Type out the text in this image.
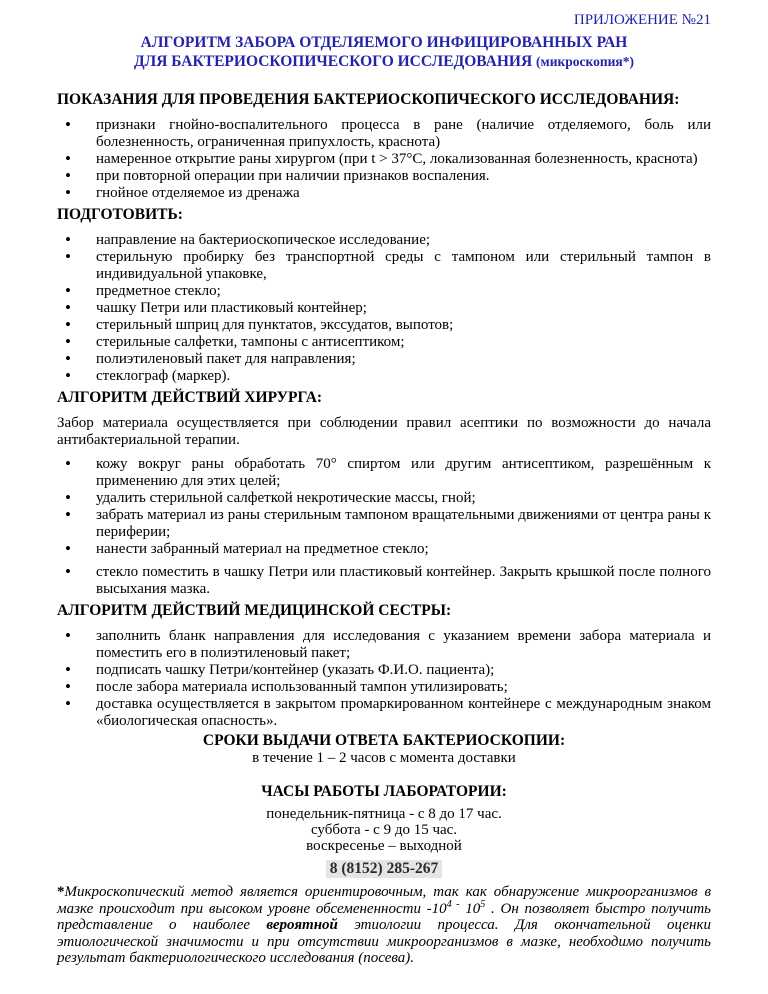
ПРИЛОЖЕНИЕ №21
АЛГОРИТМ ЗАБОРА ОТДЕЛЯЕМОГО ИНФИЦИРОВАННЫХ РАН
ДЛЯ БАКТЕРИОСКОПИЧЕСКОГО ИССЛЕДОВАНИЯ (микроскопия*)
ПОКАЗАНИЯ ДЛЯ ПРОВЕДЕНИЯ БАКТЕРИОСКОПИЧЕСКОГО ИССЛЕДОВАНИЯ:
• признаки гнойно-воспалительного процесса в ране (наличие отделяемого, боль или болезненность, ограниченная припухлость, краснота)
• намеренное открытие раны хирургом (при t > 37°С, локализованная болезненность, краснота)
• при повторной операции при наличии признаков воспаления.
• гнойное отделяемое из дренажа
ПОДГОТОВИТЬ:
• направление на бактериоскопическое исследование;
• стерильную пробирку без транспортной среды с тампоном или стерильный тампон в индивидуальной упаковке,
• предметное стекло;
• чашку Петри или пластиковый контейнер;
• стерильный шприц для пунктатов, экссудатов, выпотов;
• стерильные салфетки, тампоны с антисептиком;
• полиэтиленовый пакет для направления;
• стеклограф (маркер).
АЛГОРИТМ ДЕЙСТВИЙ ХИРУРГА:

Забор материала осуществляется при соблюдении правил асептики по возможности до начала антибактериальной терапии.

• кожу вокруг раны обработать 70° спиртом или другим антисептиком, разрешённым к применению для этих целей;
• удалить стерильной салфеткой некротические массы, гной;
• забрать материал из раны стерильным тампоном вращательными движениями от центра раны к периферии;
• нанести забранный материал на предметное стекло;
• стекло поместить в чашку Петри или пластиковый контейнер. Закрыть крышкой после полного высыхания мазка.
АЛГОРИТМ ДЕЙСТВИЙ МЕДИЦИНСКОЙ СЕСТРЫ:
• заполнить бланк направления для исследования с указанием времени забора материала и поместить его в полиэтиленовый пакет;
• подписать чашку Петри/контейнер (указать Ф.И.О. пациента);
• после забора материала использованный тампон утилизировать;
• доставка осуществляется в закрытом промаркированном контейнере с международным знаком «биологическая опасность».
СРОКИ ВЫДАЧИ ОТВЕТА БАКТЕРИОСКОПИИ:
в течение 1 – 2 часов с момента доставки
ЧАСЫ РАБОТЫ ЛАБОРАТОРИИ:
понедельник-пятница - с 8 до 17 час.
суббота - с 9 до 15 час.
воскресенье – выходной
8 (8152) 285-267

*Микроскопический метод является ориентировочным, так как обнаружение микроорганизмов в мазке происходит при высоком уровне обсемененности $-10^{4 -}$ $10^5$ . Он позволяет быстро получить представление о наиболее вероятной этиологии процесса. Для окончательной оценки этиологической значимости и при отсутствии микроорганизмов в мазке, необходимо получить результат бактериологического исследования (посева).
